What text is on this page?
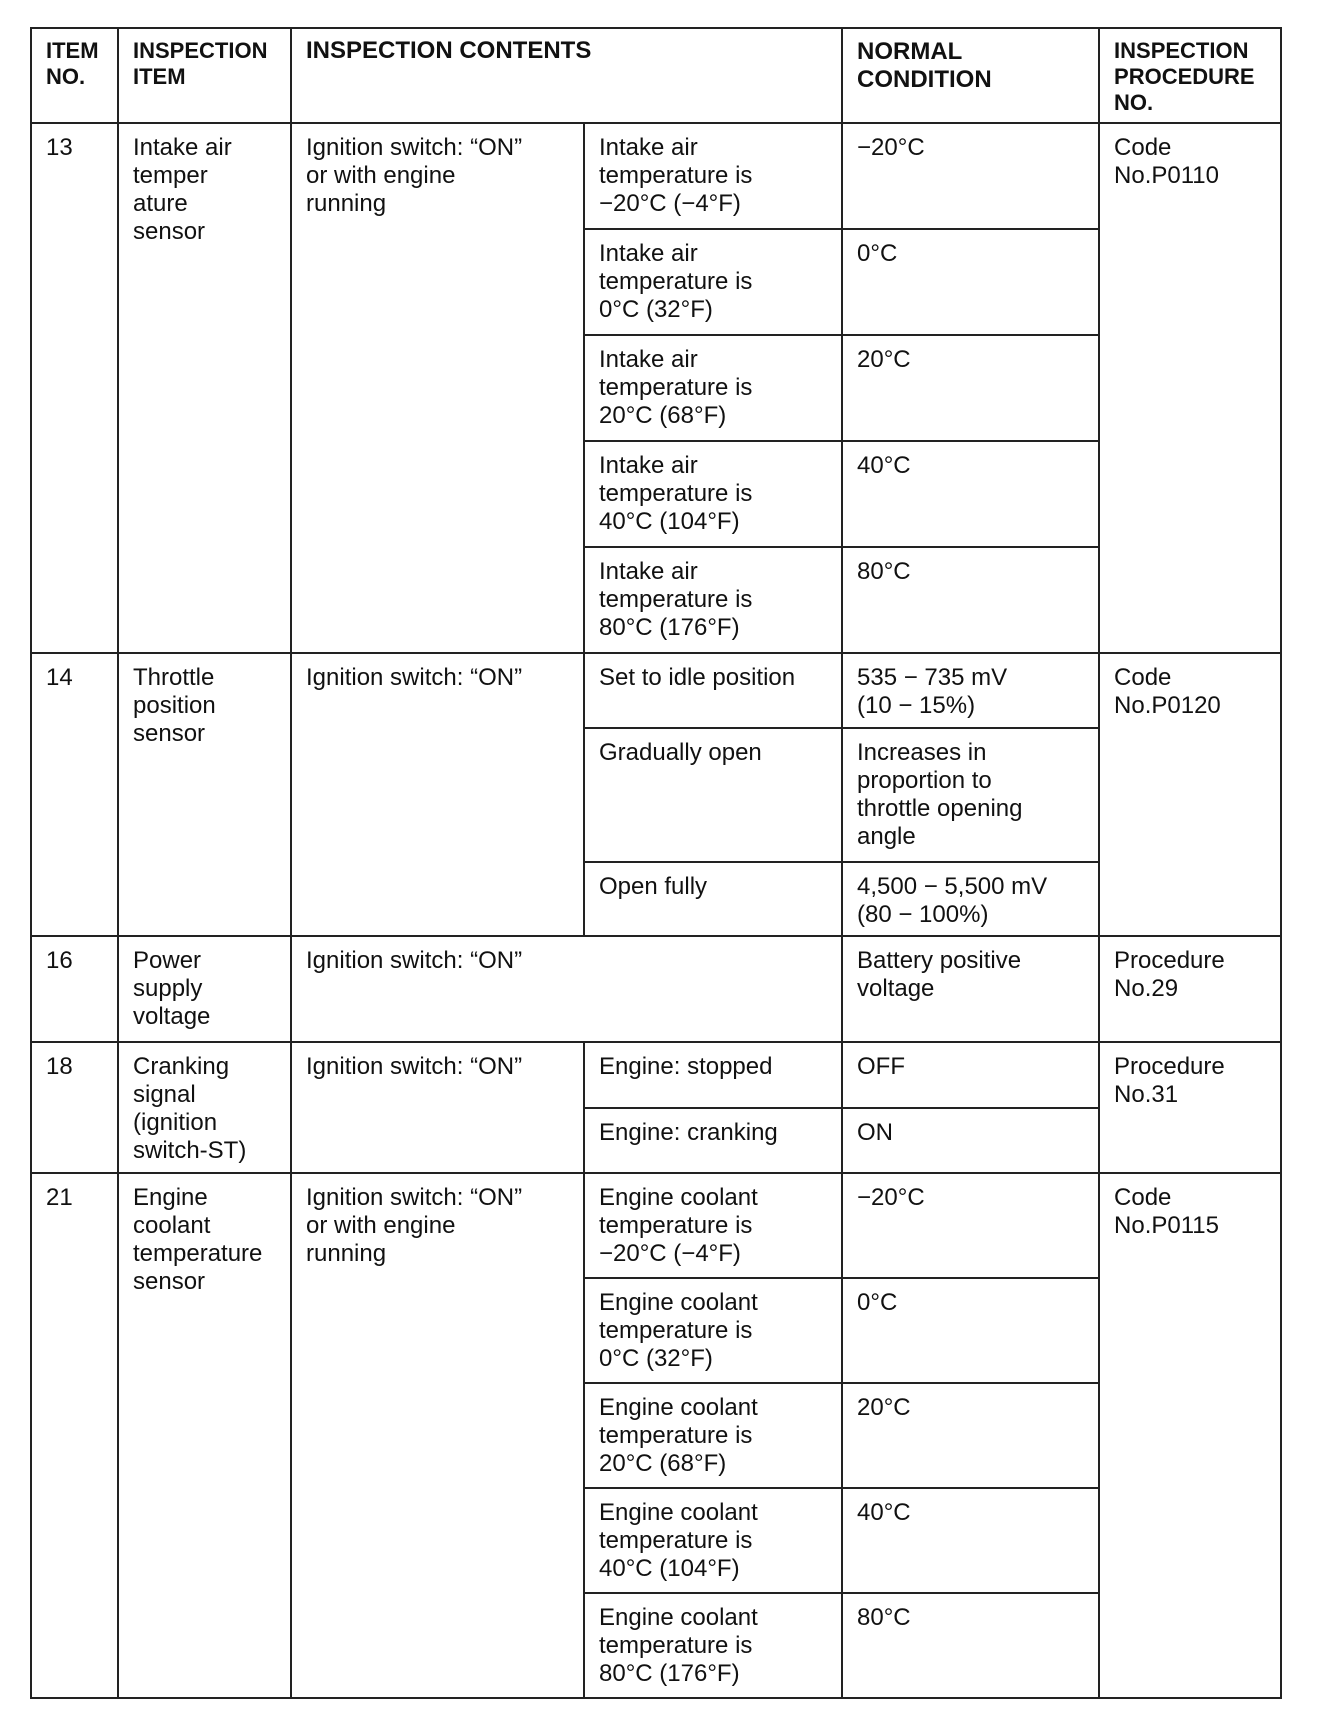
ITEM
NO.	INSPECTION
ITEM	INSPECTION CONTENTS		NORMAL
CONDITION	INSPECTION
PROCEDURE
NO.
13	Intake air
temper
ature
sensor	Ignition switch: “ON”
or with engine
running	Intake air
temperature is
−20°C (−4°F)	−20°C	Code
No.P0110
			Intake air
temperature is
0°C (32°F)	0°C	
			Intake air
temperature is
20°C (68°F)	20°C	
			Intake air
temperature is
40°C (104°F)	40°C	
			Intake air
temperature is
80°C (176°F)	80°C	
14	Throttle
position
sensor	Ignition switch: “ON”	Set to idle position	535 − 735 mV
(10 − 15%)	Code
No.P0120
			Gradually open	Increases in
proportion to
throttle opening
angle	
			Open fully	4,500 − 5,500 mV
(80 − 100%)	
16	Power
supply
voltage	Ignition switch: “ON”		Battery positive
voltage	Procedure
No.29
18	Cranking
signal
(ignition
switch-ST)	Ignition switch: “ON”	Engine: stopped	OFF	Procedure
No.31
			Engine: cranking	ON	
21	Engine
coolant
temperature
sensor	Ignition switch: “ON”
or with engine
running	Engine coolant
temperature is
−20°C (−4°F)	−20°C	Code
No.P0115
			Engine coolant
temperature is
0°C (32°F)	0°C	
			Engine coolant
temperature is
20°C (68°F)	20°C	
			Engine coolant
temperature is
40°C (104°F)	40°C	
			Engine coolant
temperature is
80°C (176°F)	80°C	
